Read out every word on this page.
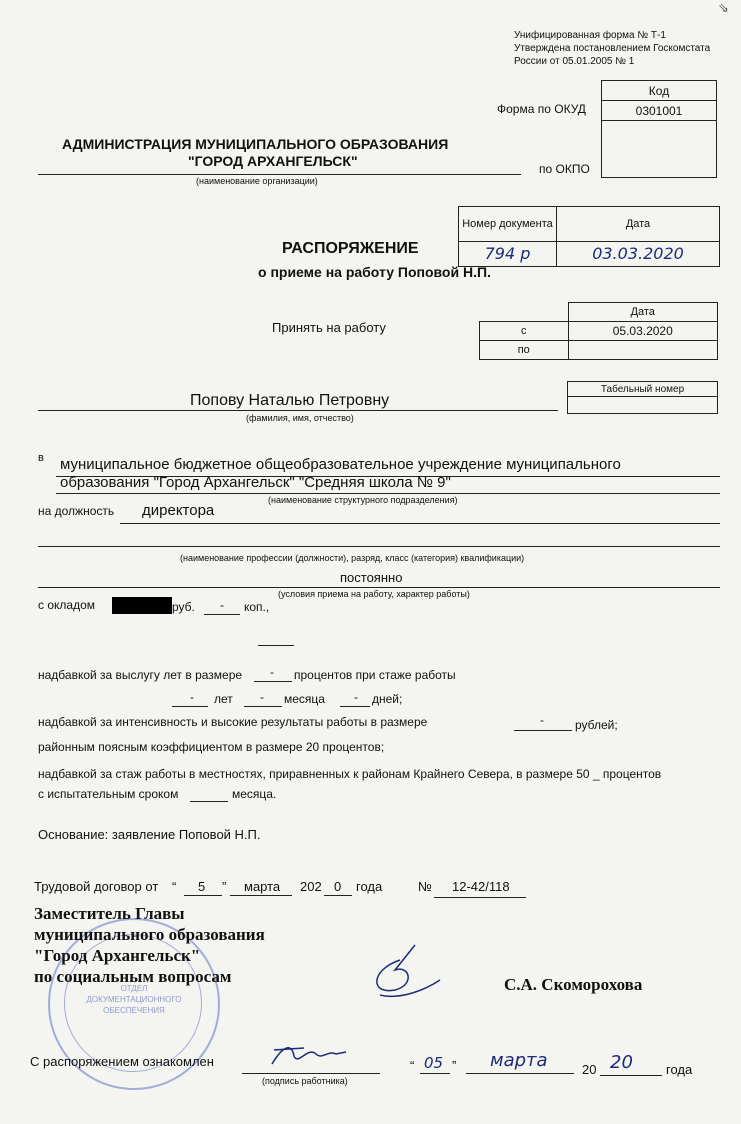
⇘
Унифицированная форма № Т-1
Утверждена постановлением Госкомстата
России от 05.01.2005 № 1
Код
0301001

Форма по ОКУД
по ОКПО
АДМИНИСТРАЦИЯ МУНИЦИПАЛЬНОГО ОБРАЗОВАНИЯ
"ГОРОД АРХАНГЕЛЬСК"
(наименование организации)
Номер документа	Дата
794 р	03.03.2020
РАСПОРЯЖЕНИЕ
о приеме на работу Поповой Н.П.
Принять на работу
	Дата
с	05.03.2020
по	
Табельный номер

Попову Наталью Петровну
(фамилия, имя, отчество)
в муниципальное бюджетное общеобразовательное учреждение муниципального
образования "Город Архангельск" "Средняя школа № 9"
(наименование структурного подразделения)
на должность директора
(наименование профессии (должности), разряд, класс (категория) квалификации)
постоянно
(условия приема на работу, характер работы)
с окладом	руб. - коп.,
надбавкой за выслугу лет в размере - процентов при стаже работы
- лет - месяца - дней;
надбавкой за интенсивность и высокие результаты работы в размере	-	рублей;
районным поясным коэффициентом в размере 20 процентов;
надбавкой за стаж работы в местностях, приравненных к районам Крайнего Севера, в размере 50 _ процентов
с испытательным сроком	месяца.
Основание: заявление Поповой Н.П.
Трудовой договор от “ 5 ” марта 202 0 года	№ 12-42/118
ОТДЕЛ
ДОКУМЕНТАЦИОННОГО
ОБЕСПЕЧЕНИЯ
Заместитель Главы
муниципального образования
"Город Архангельск"
по социальным вопросам	С.А. Скоморохова
С распоряжением ознакомлен
(подпись работника)
“ 05 ” марта	20 20	года
